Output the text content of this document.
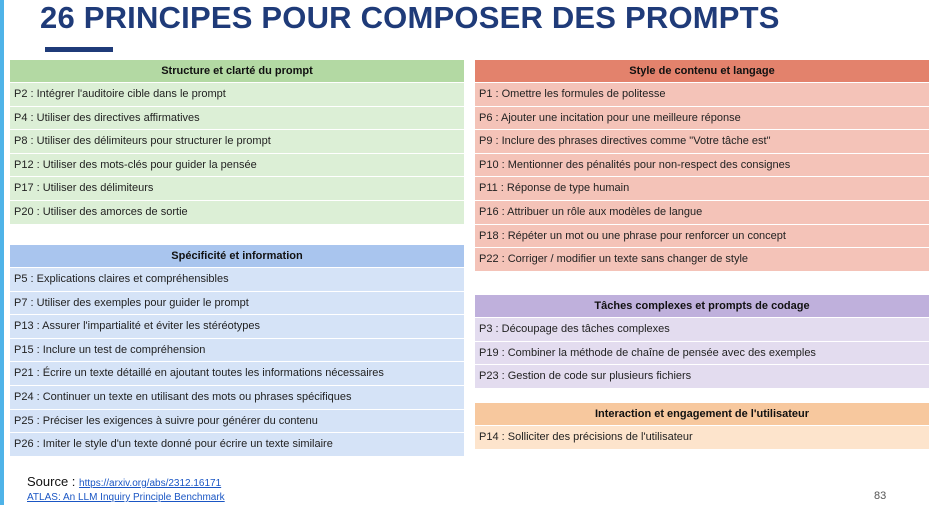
26 PRINCIPES POUR COMPOSER DES PROMPTS
Structure et clarté du prompt
P2 : Intégrer l'auditoire cible dans le prompt
P4 : Utiliser des directives affirmatives
P8 : Utiliser des délimiteurs pour structurer le prompt
P12 : Utiliser des mots-clés pour guider la pensée
P17 : Utiliser des délimiteurs
P20 : Utiliser des amorces de sortie
Spécificité et information
P5 : Explications claires et compréhensibles
P7 : Utiliser des exemples pour guider le prompt
P13 : Assurer l'impartialité et éviter les stéréotypes
P15 : Inclure un test de compréhension
P21 : Écrire un texte détaillé en ajoutant toutes les informations nécessaires
P24 : Continuer un texte en utilisant des mots ou phrases spécifiques
P25 : Préciser les exigences à suivre pour générer du contenu
P26 : Imiter le style d'un texte donné pour écrire un texte similaire
Style de contenu et langage
P1 : Omettre les formules de politesse
P6 : Ajouter une incitation pour une meilleure réponse
P9 : Inclure des phrases directives comme "Votre tâche est"
P10 : Mentionner des pénalités pour non-respect des consignes
P11 : Réponse de type humain
P16 : Attribuer un rôle aux modèles de langue
P18 : Répéter un mot ou une phrase pour renforcer un concept
P22 : Corriger / modifier un texte sans changer de style
Tâches complexes et prompts de codage
P3 : Découpage des tâches complexes
P19 : Combiner la méthode de chaîne de pensée avec des exemples
P23 : Gestion de code sur plusieurs fichiers
Interaction et engagement de l'utilisateur
P14 : Solliciter des précisions de l'utilisateur
Source : https://arxiv.org/abs/2312.16171
ATLAS: An LLM Inquiry Principle Benchmark	83
